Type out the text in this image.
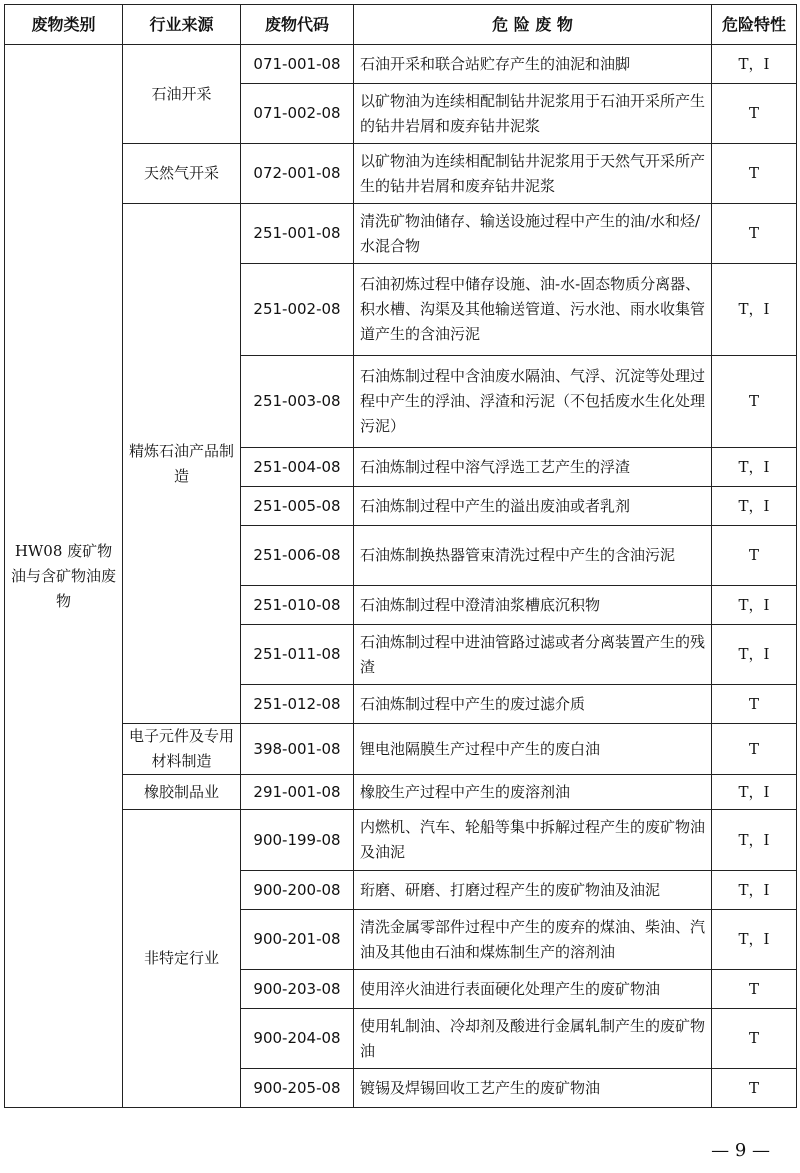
废物类别	行业来源	废物代码	危 险 废 物	危险特性
HW08 废矿物油与含矿物油废物	石油开采	071-001-08	石油开采和联合站贮存产生的油泥和油脚	T，I
		071-002-08	以矿物油为连续相配制钻井泥浆用于石油开采所产生的钻井岩屑和废弃钻井泥浆	T
	天然气开采	072-001-08	以矿物油为连续相配制钻井泥浆用于天然气开采所产生的钻井岩屑和废弃钻井泥浆	T
	精炼石油产品制造	251-001-08	清洗矿物油储存、输送设施过程中产生的油/水和烃/水混合物	T
		251-002-08	石油初炼过程中储存设施、油-水-固态物质分离器、积水槽、沟渠及其他输送管道、污水池、雨水收集管道产生的含油污泥	T，I
		251-003-08	石油炼制过程中含油废水隔油、气浮、沉淀等处理过程中产生的浮油、浮渣和污泥（不包括废水生化处理污泥）	T
		251-004-08	石油炼制过程中溶气浮选工艺产生的浮渣	T，I
		251-005-08	石油炼制过程中产生的溢出废油或者乳剂	T，I
		251-006-08	石油炼制换热器管束清洗过程中产生的含油污泥	T
		251-010-08	石油炼制过程中澄清油浆槽底沉积物	T，I
		251-011-08	石油炼制过程中进油管路过滤或者分离装置产生的残渣	T，I
		251-012-08	石油炼制过程中产生的废过滤介质	T
	电子元件及专用材料制造	398-001-08	锂电池隔膜生产过程中产生的废白油	T
	橡胶制品业	291-001-08	橡胶生产过程中产生的废溶剂油	T，I
	非特定行业	900-199-08	内燃机、汽车、轮船等集中拆解过程产生的废矿物油及油泥	T，I
		900-200-08	珩磨、研磨、打磨过程产生的废矿物油及油泥	T，I
		900-201-08	清洗金属零部件过程中产生的废弃的煤油、柴油、汽油及其他由石油和煤炼制生产的溶剂油	T，I
		900-203-08	使用淬火油进行表面硬化处理产生的废矿物油	T
		900-204-08	使用轧制油、冷却剂及酸进行金属轧制产生的废矿物油	T
		900-205-08	镀锡及焊锡回收工艺产生的废矿物油	T
— 9 —
